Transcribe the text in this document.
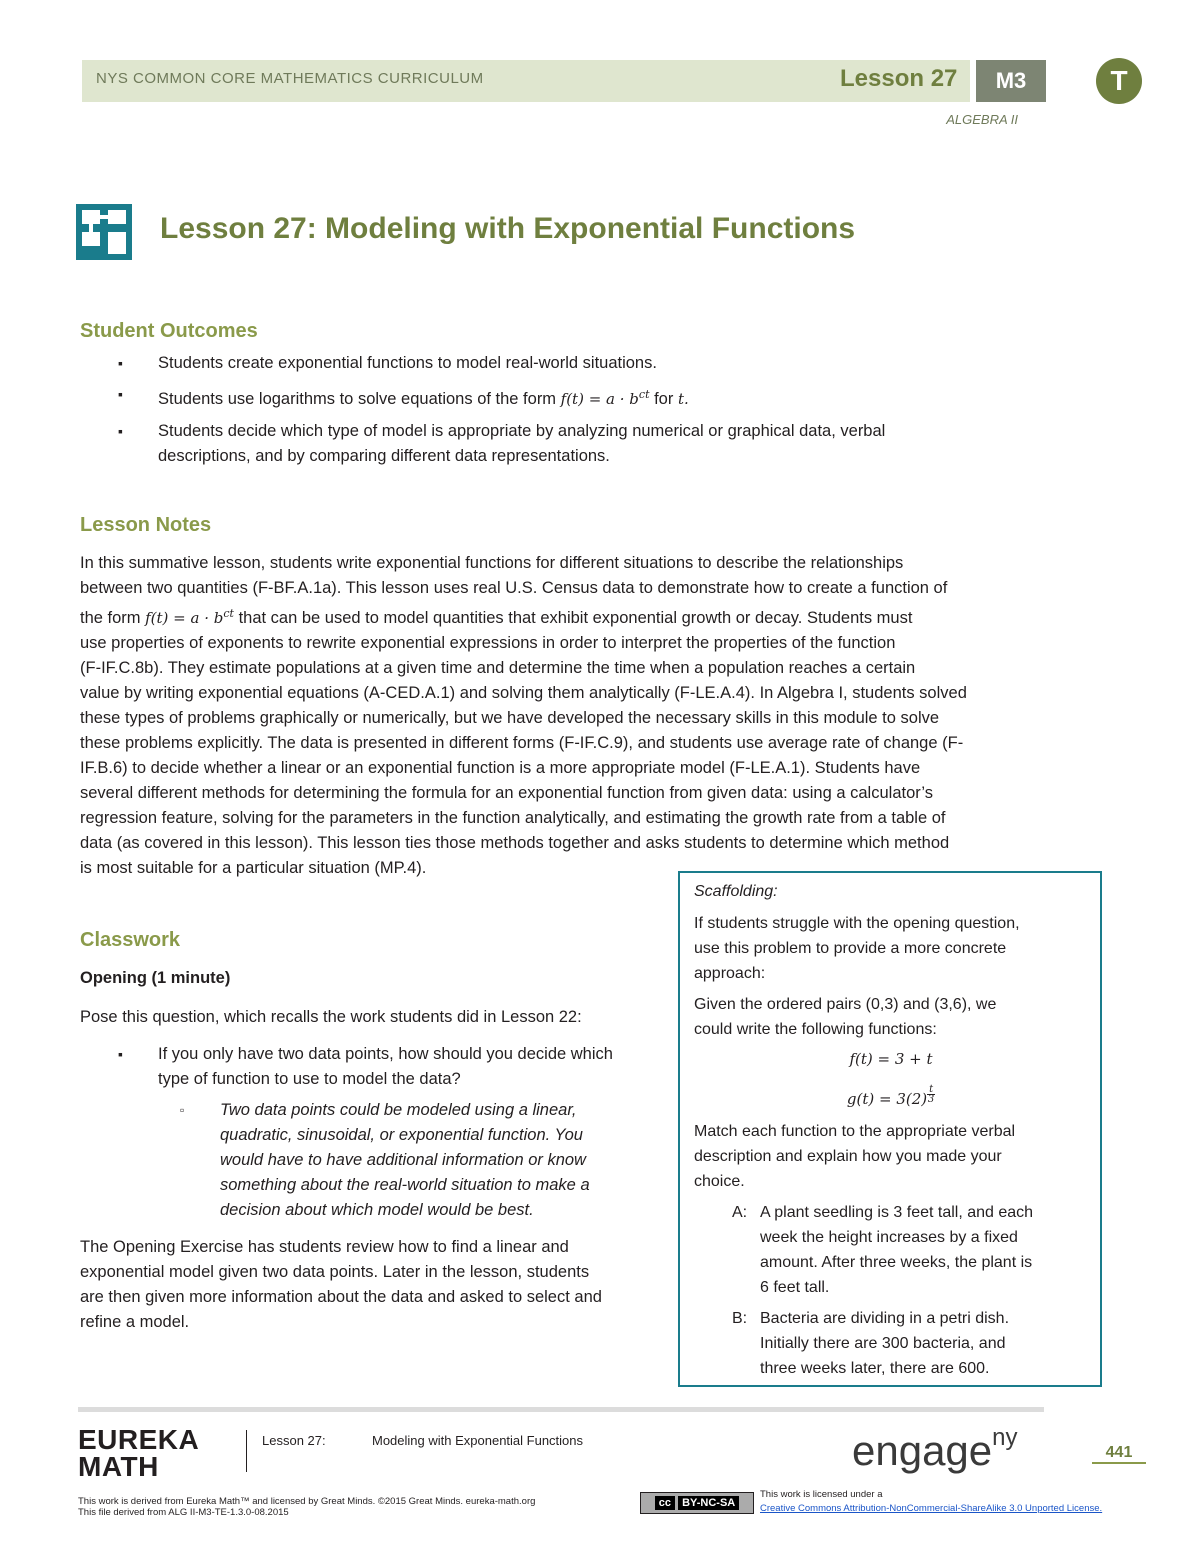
NYS COMMON CORE MATHEMATICS CURRICULUM	Lesson 27	M3	T
ALGEBRA II
Lesson 27: Modeling with Exponential Functions
Student Outcomes
▪ Students create exponential functions to model real-world situations.
▪ Students use logarithms to solve equations of the form $f(t) = a \cdot b^{ct}$ for t.
▪ Students decide which type of model is appropriate by analyzing numerical or graphical data, verbal
descriptions, and by comparing different data representations.
Lesson Notes
In this summative lesson, students write exponential functions for different situations to describe the relationships
between two quantities (F-BF.A.1a). This lesson uses real U.S. Census data to demonstrate how to create a function of
the form $f(t) = a \cdot b^{ct}$ that can be used to model quantities that exhibit exponential growth or decay. Students must
use properties of exponents to rewrite exponential expressions in order to interpret the properties of the function
(F-IF.C.8b). They estimate populations at a given time and determine the time when a population reaches a certain
value by writing exponential equations (A-CED.A.1) and solving them analytically (F-LE.A.4). In Algebra I, students solved
these types of problems graphically or numerically, but we have developed the necessary skills in this module to solve
these problems explicitly. The data is presented in different forms (F-IF.C.9), and students use average rate of change (F-
IF.B.6) to decide whether a linear or an exponential function is a more appropriate model (F-LE.A.1). Students have
several different methods for determining the formula for an exponential function from given data: using a calculator’s
regression feature, solving for the parameters in the function analytically, and estimating the growth rate from a table of
data (as covered in this lesson). This lesson ties those methods together and asks students to determine which method
is most suitable for a particular situation (MP.4).
Classwork
Opening (1 minute)
Pose this question, which recalls the work students did in Lesson 22:
▪ If you only have two data points, how should you decide which
type of function to use to model the data?
▫ Two data points could be modeled using a linear,
quadratic, sinusoidal, or exponential function. You
would have to have additional information or know
something about the real-world situation to make a
decision about which model would be best.
The Opening Exercise has students review how to find a linear and
exponential model given two data points. Later in the lesson, students
are then given more information about the data and asked to select and
refine a model.
Scaffolding:
If students struggle with the opening question,
use this problem to provide a more concrete
approach:
Given the ordered pairs (0,3) and (3,6), we
could write the following functions:
f(t) = 3 + t
$g(t) = 3(2) \frac{t}{3}$
Match each function to the appropriate verbal
description and explain how you made your
choice.
A: A plant seedling is 3 feet tall, and each
week the height increases by a fixed
amount. After three weeks, the plant is
6 feet tall.
B: Bacteria are dividing in a petri dish.
Initially there are 300 bacteria, and
three weeks later, there are 600.
EUREKA
MATH
Lesson 27:	Modeling with Exponential Functions	engage$^{ny}$
441
This work is derived from Eureka Math™ and licensed by Great Minds. ©2015 Great Minds. eureka-math.org
This file derived from ALG II-M3-TE-1.3.0-08.2015
cc
	BY-NC-SA
This work is licensed under a
Creative Commons Attribution-NonCommercial-ShareAlike 3.0 Unported License.
